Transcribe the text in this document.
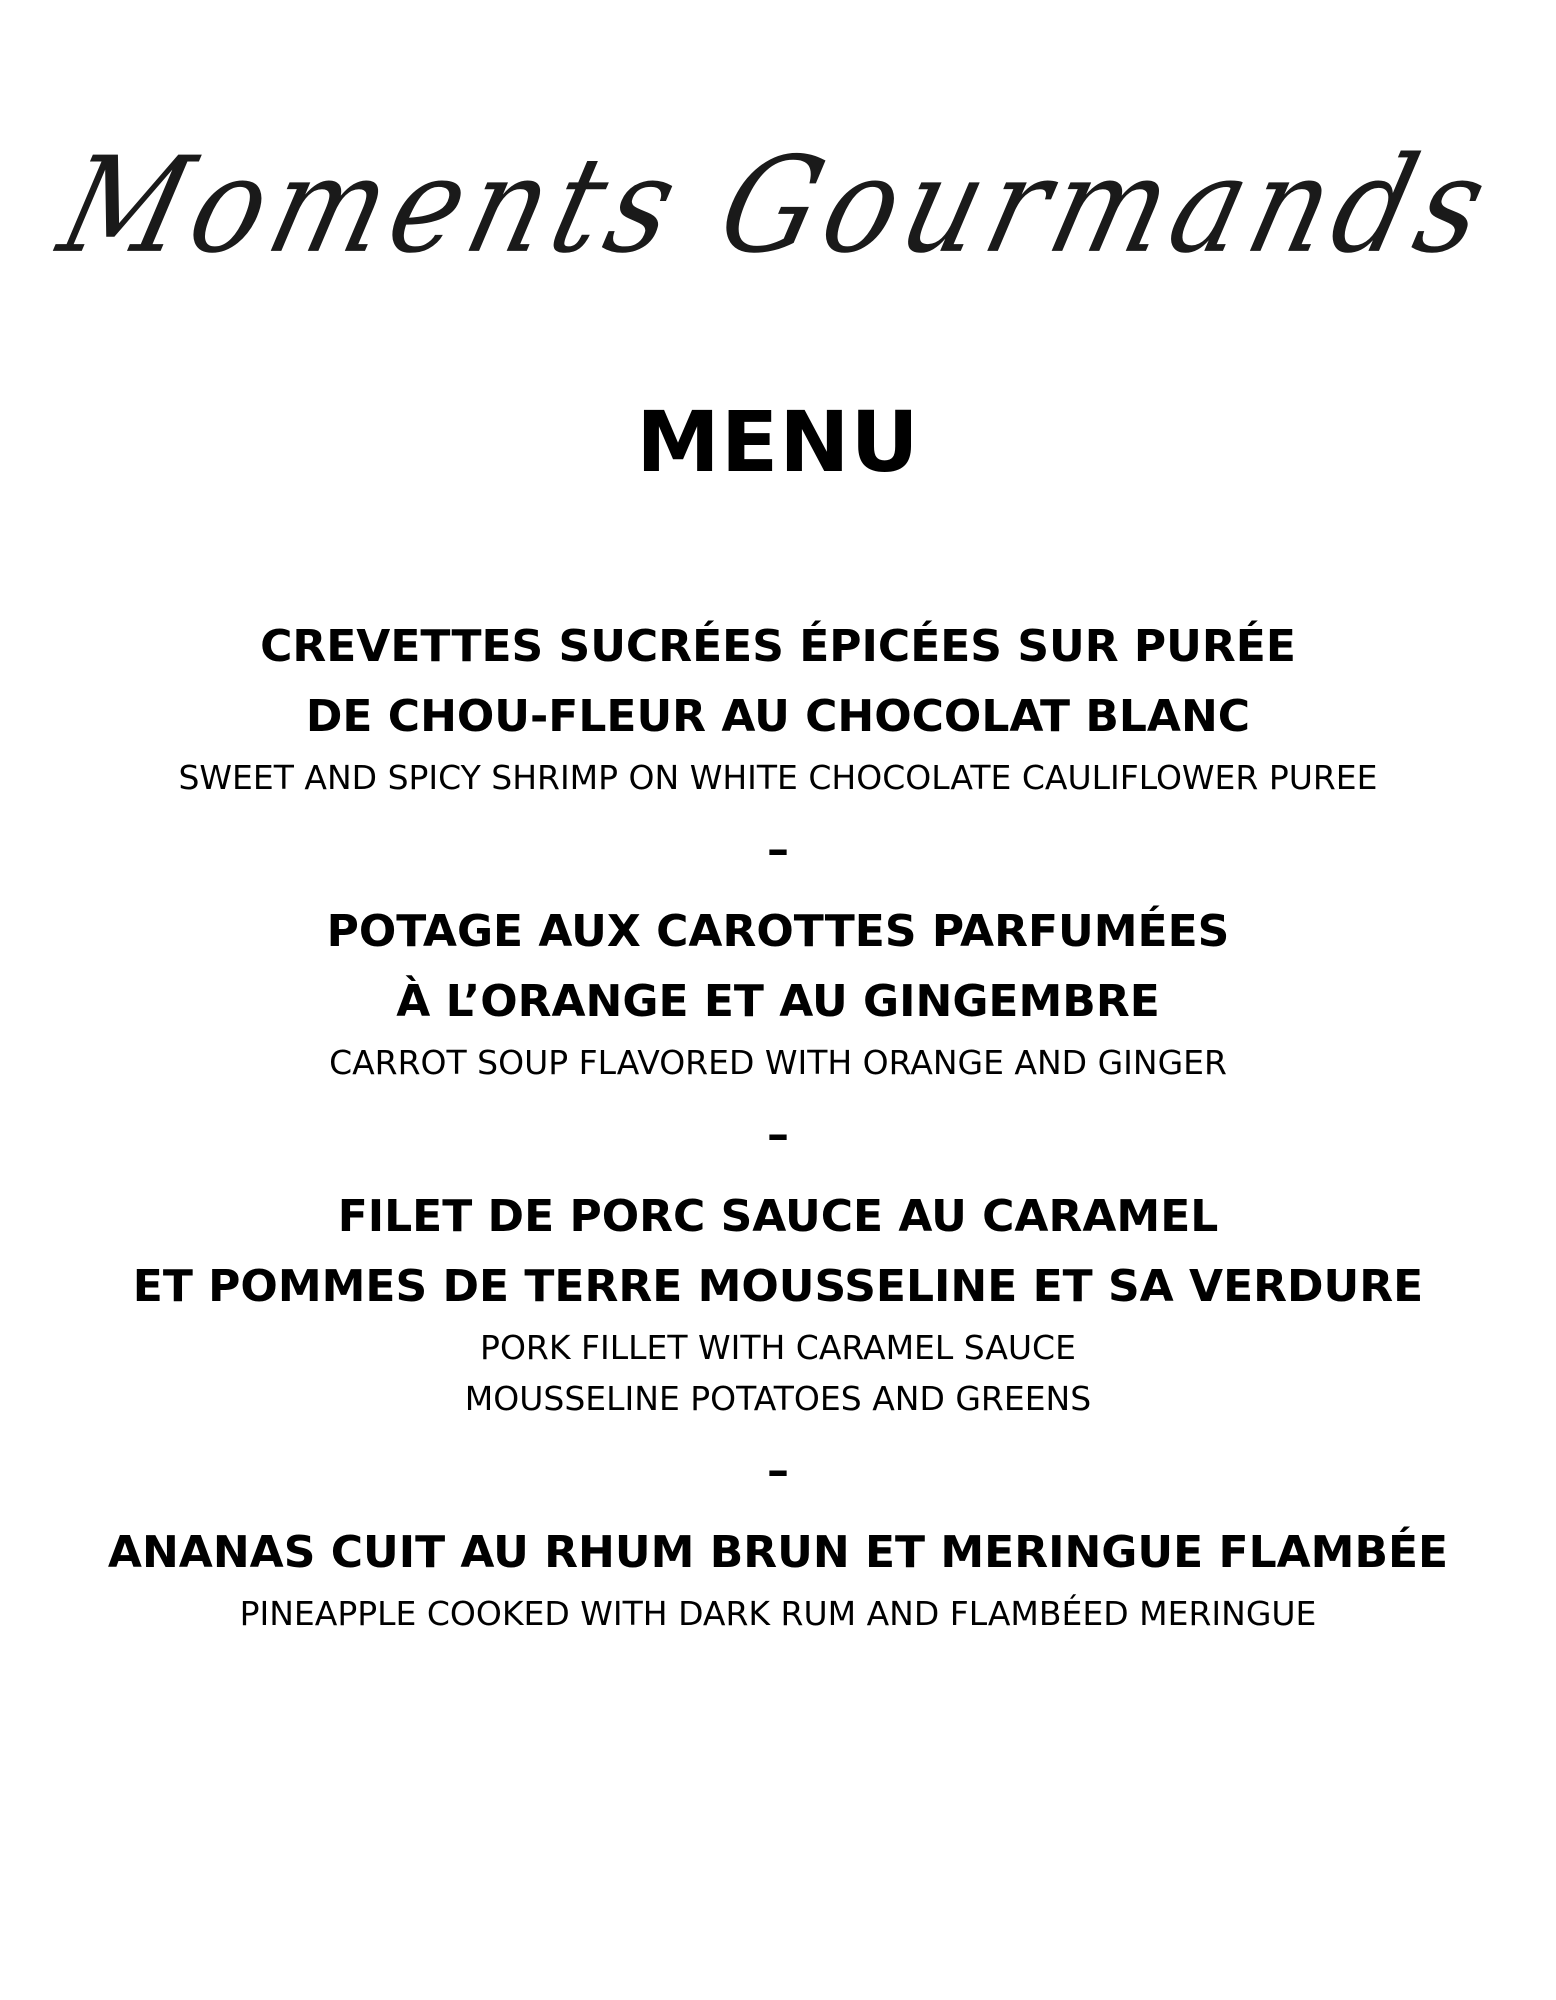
Moments Gourmands
MENU
CREVETTES SUCRÉES ÉPICÉES SUR PURÉE
DE CHOU-FLEUR AU CHOCOLAT BLANC
SWEET AND SPICY SHRIMP ON WHITE CHOCOLATE CAULIFLOWER PUREE
–
POTAGE AUX CAROTTES PARFUMÉES
À L’ORANGE ET AU GINGEMBRE
CARROT SOUP FLAVORED WITH ORANGE AND GINGER
–
FILET DE PORC SAUCE AU CARAMEL
ET POMMES DE TERRE MOUSSELINE ET SA VERDURE
PORK FILLET WITH CARAMEL SAUCE
MOUSSELINE POTATOES AND GREENS
–
ANANAS CUIT AU RHUM BRUN ET MERINGUE FLAMBÉE
PINEAPPLE COOKED WITH DARK RUM AND FLAMBÉED MERINGUE
